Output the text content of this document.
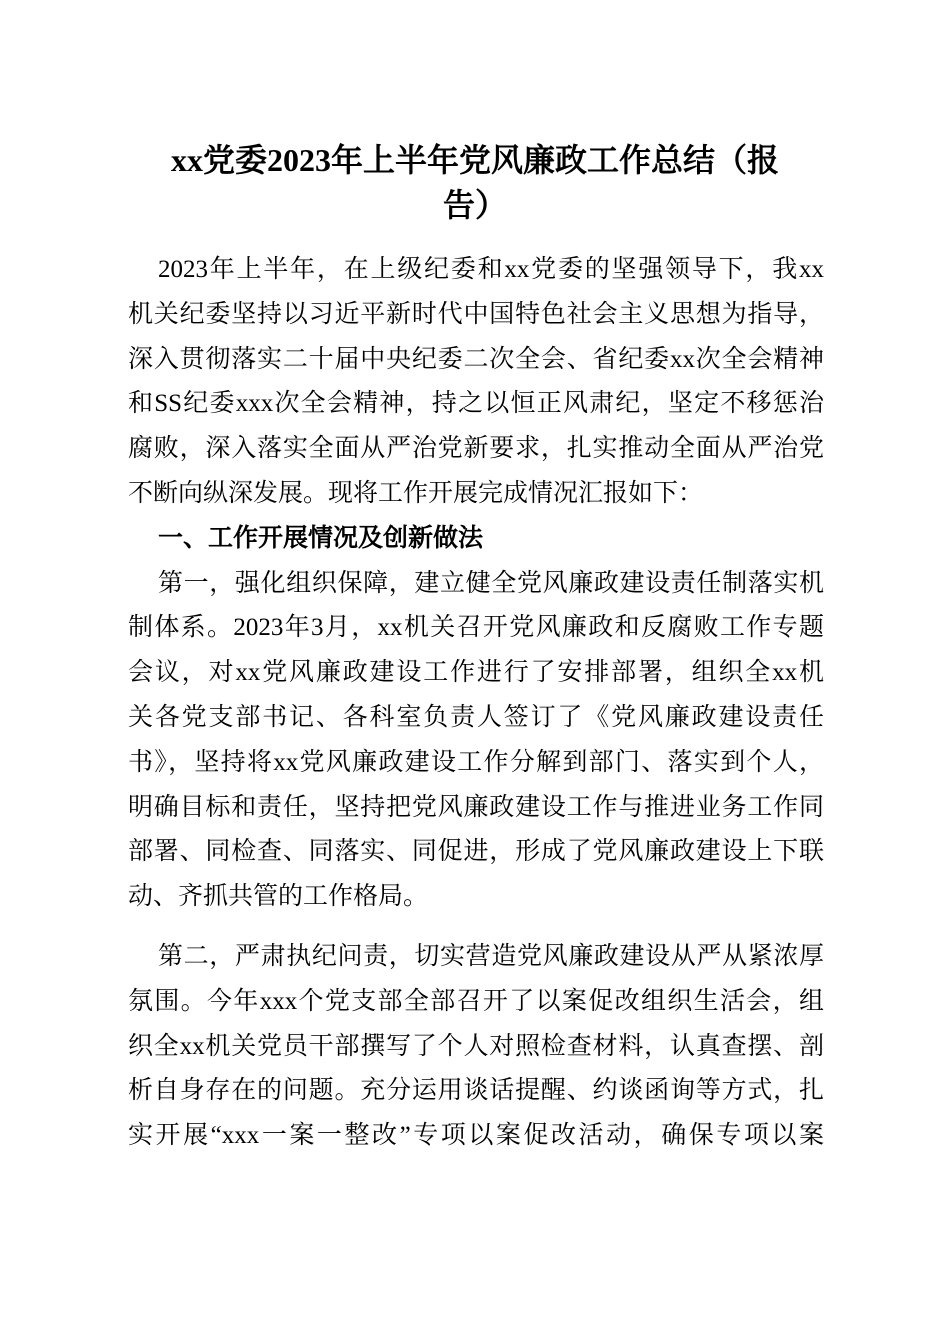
xx党委2023年上半年党风廉政工作总结（报
告）
2023年上半年，在上级纪委和xx党委的坚强领导下，我xx
机关纪委坚持以习近平新时代中国特色社会主义思想为指导，
深入贯彻落实二十届中央纪委二次全会、省纪委xx次全会精神
和SS纪委xxx次全会精神，持之以恒正风肃纪，坚定不移惩治
腐败，深入落实全面从严治党新要求，扎实推动全面从严治党
不断向纵深发展。现将工作开展完成情况汇报如下：
一、工作开展情况及创新做法
第一，强化组织保障，建立健全党风廉政建设责任制落实机
制体系。2023年3月，xx机关召开党风廉政和反腐败工作专题
会议，对xx党风廉政建设工作进行了安排部署，组织全xx机
关各党支部书记、各科室负责人签订了《党风廉政建设责任
书》，坚持将xx党风廉政建设工作分解到部门、落实到个人，
明确目标和责任，坚持把党风廉政建设工作与推进业务工作同
部署、同检查、同落实、同促进，形成了党风廉政建设上下联
动、齐抓共管的工作格局。
第二，严肃执纪问责，切实营造党风廉政建设从严从紧浓厚
氛围。今年xxx个党支部全部召开了以案促改组织生活会，组
织全xx机关党员干部撰写了个人对照检查材料，认真查摆、剖
析自身存在的问题。充分运用谈话提醒、约谈函询等方式，扎
实开展“xxx一案一整改”专项以案促改活动，确保专项以案
